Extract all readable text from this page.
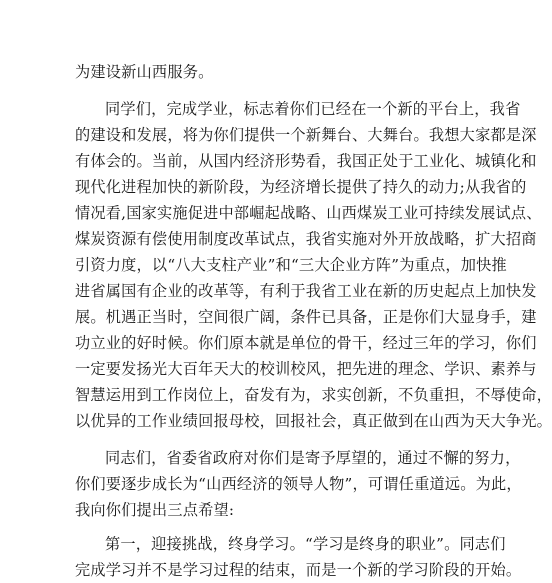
为建设新山西服务。
同学们，完成学业，标志着你们已经在一个新的平台上，我省
的建设和发展，将为你们提供一个新舞台、大舞台。我想大家都是深
有体会的。当前，从国内经济形势看，我国正处于工业化、城镇化和
现代化进程加快的新阶段，为经济增长提供了持久的动力;从我省的
情况看,国家实施促进中部崛起战略、山西煤炭工业可持续发展试点、
煤炭资源有偿使用制度改革试点，我省实施对外开放战略，扩大招商
引资力度，以“八大支柱产业”和“三大企业方阵”为重点，加快推
进省属国有企业的改革等，有利于我省工业在新的历史起点上加快发
展。机遇正当时，空间很广阔，条件已具备，正是你们大显身手，建
功立业的好时候。你们原本就是单位的骨干，经过三年的学习，你们
一定要发扬光大百年天大的校训校风，把先进的理念、学识、素养与
智慧运用到工作岗位上，奋发有为，求实创新，不负重担，不辱使命，
以优异的工作业绩回报母校，回报社会，真正做到在山西为天大争光。
同志们，省委省政府对你们是寄予厚望的，通过不懈的努力，
你们要逐步成长为“山西经济的领导人物”，可谓任重道远。为此，
我向你们提出三点希望:
第一，迎接挑战，终身学习。“学习是终身的职业”。同志们
完成学习并不是学习过程的结束，而是一个新的学习阶段的开始。
